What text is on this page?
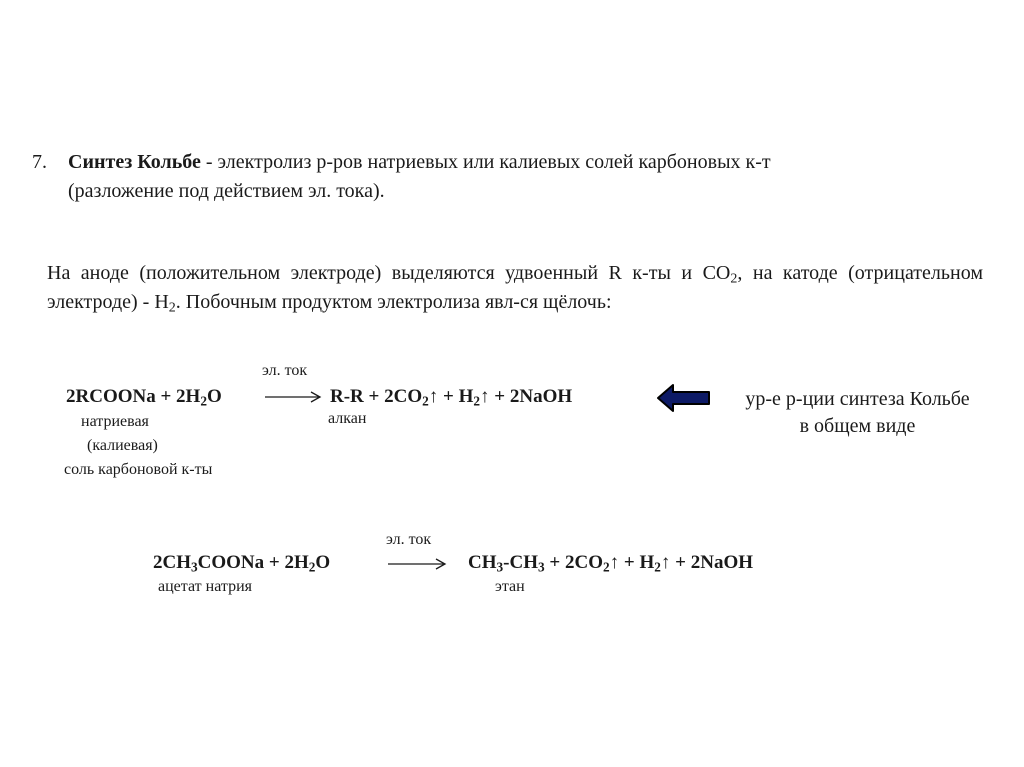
7. Синтез Кольбе - электролиз р-ров натриевых или калиевых солей карбоновых к-т
(разложение под действием эл. тока).
На аноде (положительном электроде) выделяются удвоенный R к-ты и $CO_2$, на катоде (отрицательном электроде) - $H_2$. Побочным продуктом электролиза явл-ся щёлочь:
эл. ток
2RCOONa + $2H_2O$	$R-R + 2CO_2↑$ + $H_2↑$ + 2NaOH
натриевая
(калиевая)
соль карбоновой к-ты
алкан
ур-е р-ции синтеза Кольбе
в общем виде
эл. ток
$2CH_3COONa + 2H_2O$	$CH_3-CH_3$ + $2CO_2↑$ + $H_2↑$ + 2NaOH
ацетат натрия	этан
